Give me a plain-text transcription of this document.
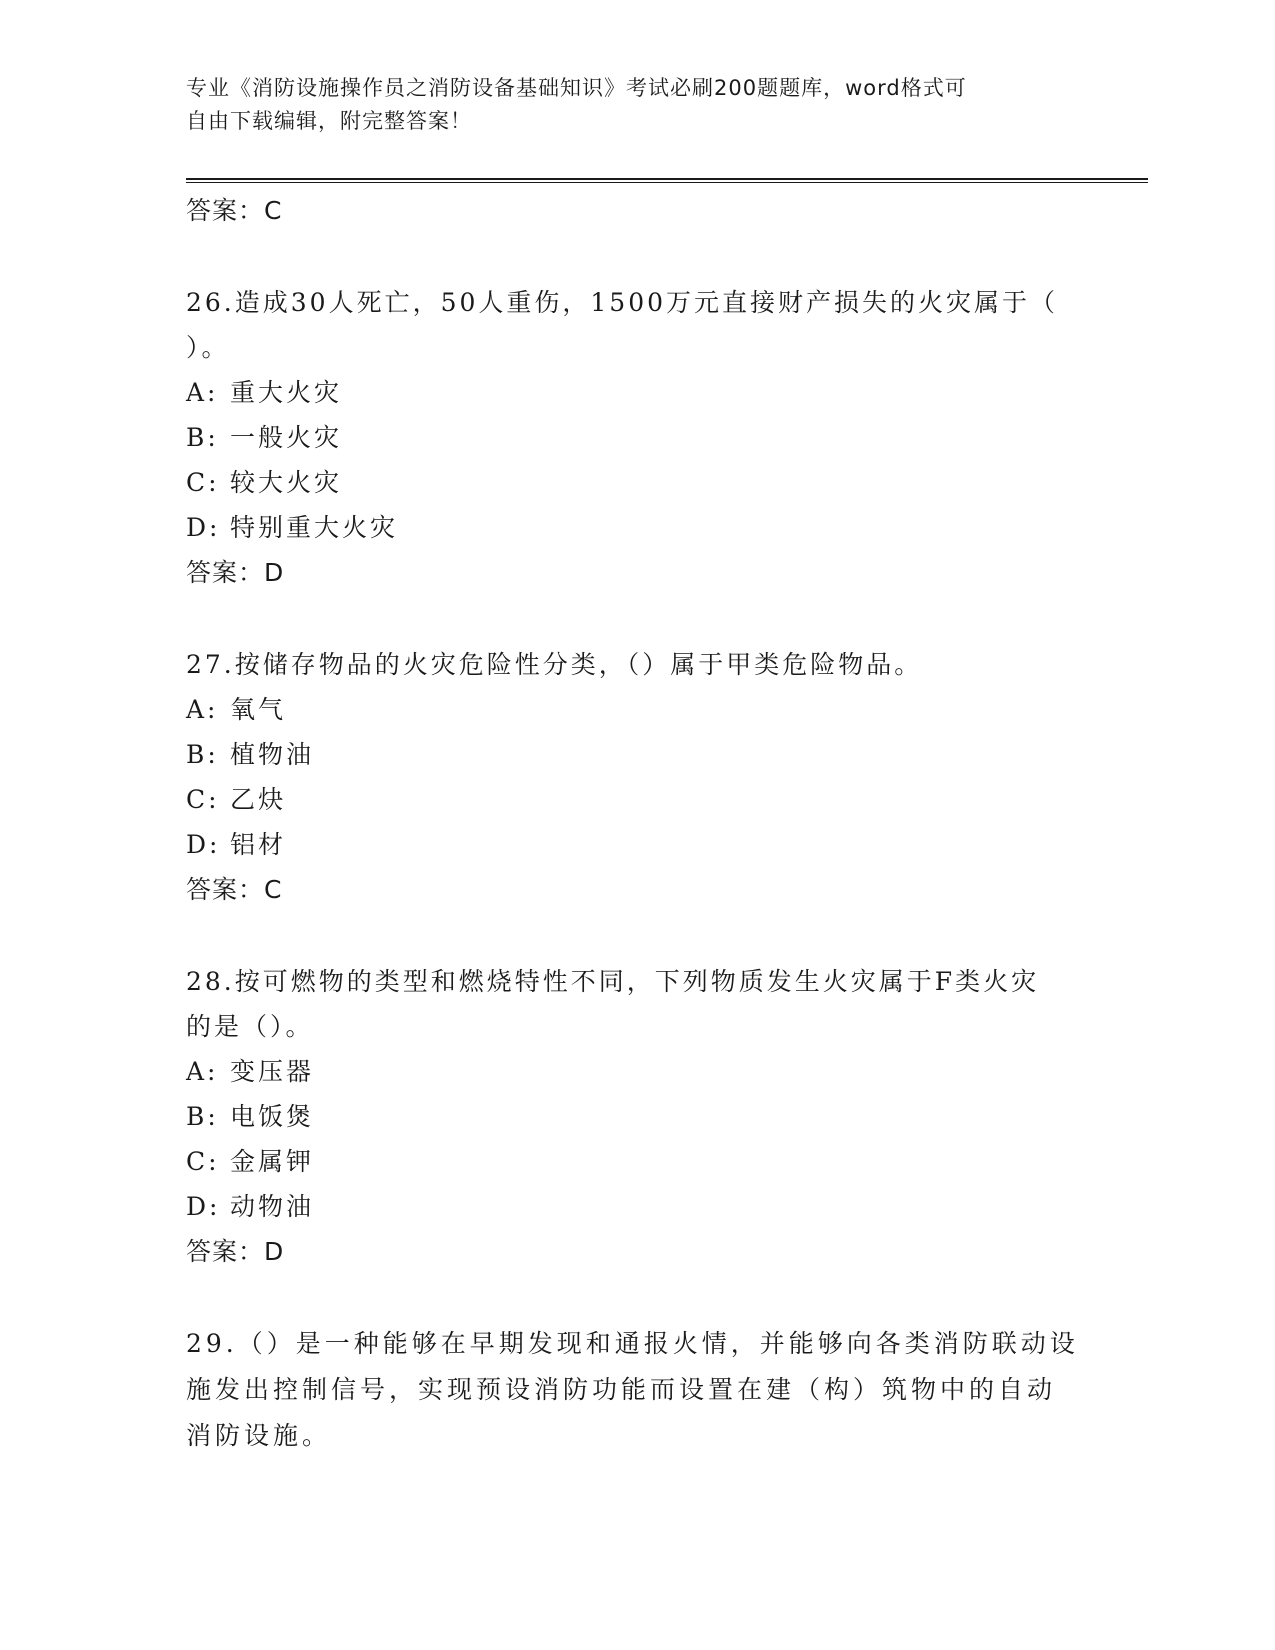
专业《消防设施操作员之消防设备基础知识》考试必刷200题题库，word格式可
自由下载编辑，附完整答案！
答案：C
26.造成30人死亡，50人重伤，1500万元直接财产损失的火灾属于（
）。
A: 重大火灾
B: 一般火灾
C: 较大火灾
D: 特别重大火灾
答案：D
27.按储存物品的火灾危险性分类，（）属于甲类危险物品。
A: 氧气
B: 植物油
C: 乙炔
D: 铝材
答案：C
28.按可燃物的类型和燃烧特性不同，下列物质发生火灾属于F类火灾
的是（）。
A: 变压器
B: 电饭煲
C: 金属钾
D: 动物油
答案：D
29.（）是一种能够在早期发现和通报火情，并能够向各类消防联动设
施发出控制信号，实现预设消防功能而设置在建（构）筑物中的自动
消防设施。
